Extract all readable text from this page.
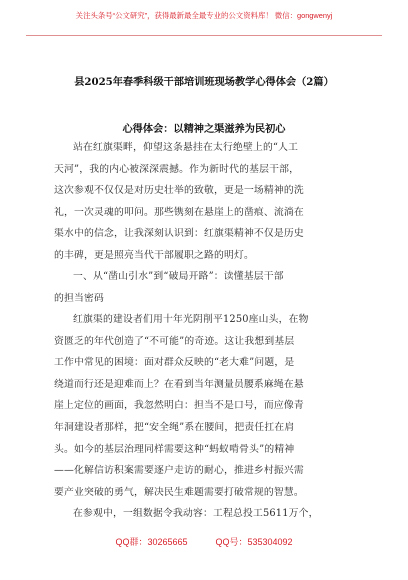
关注头条号“公文研究”，获得最新最全最专业的公文资料库！ 微信：gongwenyj
县2025年春季科级干部培训班现场教学心得体会（2篇）
心得体会：以精神之渠滋养为民初心
站在红旗渠畔，仰望这条悬挂在太行绝壁上的“人工
天河”，我的内心被深深震撼。作为新时代的基层干部，
这次参观不仅仅是对历史壮举的致敬，更是一场精神的洗
礼，一次灵魂的叩问。那些镌刻在悬崖上的凿痕、流淌在
渠水中的信念，让我深刻认识到：红旗渠精神不仅是历史
的丰碑，更是照亮当代干部履职之路的明灯。
一、从“凿山引水”到“破局开路”：读懂基层干部
的担当密码
红旗渠的建设者们用十年光阴削平1250座山头，在物
资匮乏的年代创造了“不可能”的奇迹。这让我想到基层
工作中常见的困境：面对群众反映的“老大难”问题，是
绕道而行还是迎难而上？在看到当年测量员腰系麻绳在悬
崖上定位的画面，我忽然明白：担当不是口号，而应像青
年洞建设者那样，把“安全绳”系在腰间，把责任扛在肩
头。如今的基层治理同样需要这种“蚂蚁啃骨头”的精神
——化解信访积案需要逐户走访的耐心，推进乡村振兴需
要产业突破的勇气，解决民生难题需要打破常规的智慧。
在参观中，一组数据令我动容：工程总投工5611万个，
QQ群：30265665	QQ号：535304092
